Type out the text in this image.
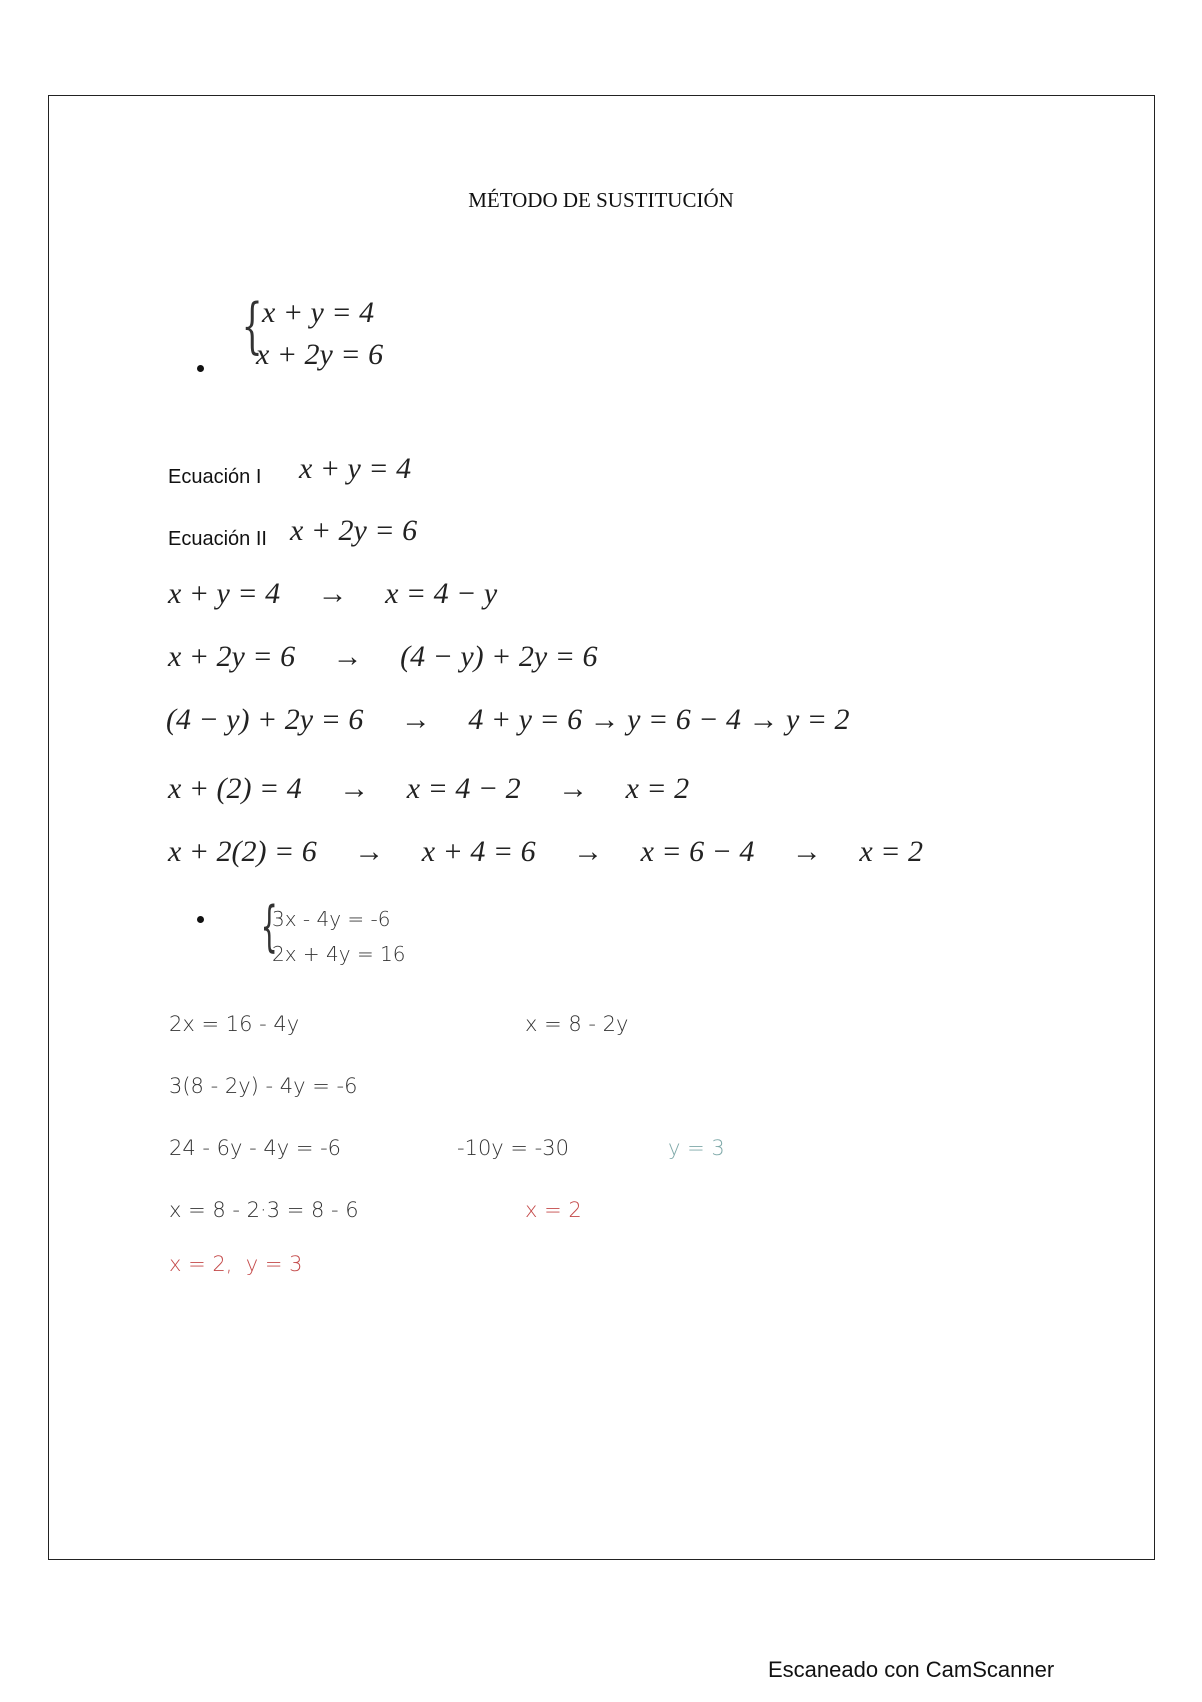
MÉTODO DE SUSTITUCIÓN
{ x + y = 4
x + 2y = 6
Ecuación I x + y = 4
Ecuación II x + 2y = 6
x + y = 4     →     x = 4 − y
x + 2y = 6     →     (4 − y) + 2y = 6
(4 − y) + 2y = 6     →     4 + y = 6 → y = 6 − 4 → y = 2
x + (2) = 4     →     x = 4 − 2     →     x = 2
x + 2(2) = 6     →     x + 4 = 6     →     x = 6 − 4     →     x = 2
{
3x - 4y = -6
2x + 4y = 16
2x = 16 - 4y	x = 8 - 2y
3(8 - 2y) - 4y = -6
24 - 6y - 4y = -6	-10y = -30	y = 3
x = 8 - 2·3 = 8 - 6	x = 2
x = 2,  y = 3
Escaneado con CamScanner
